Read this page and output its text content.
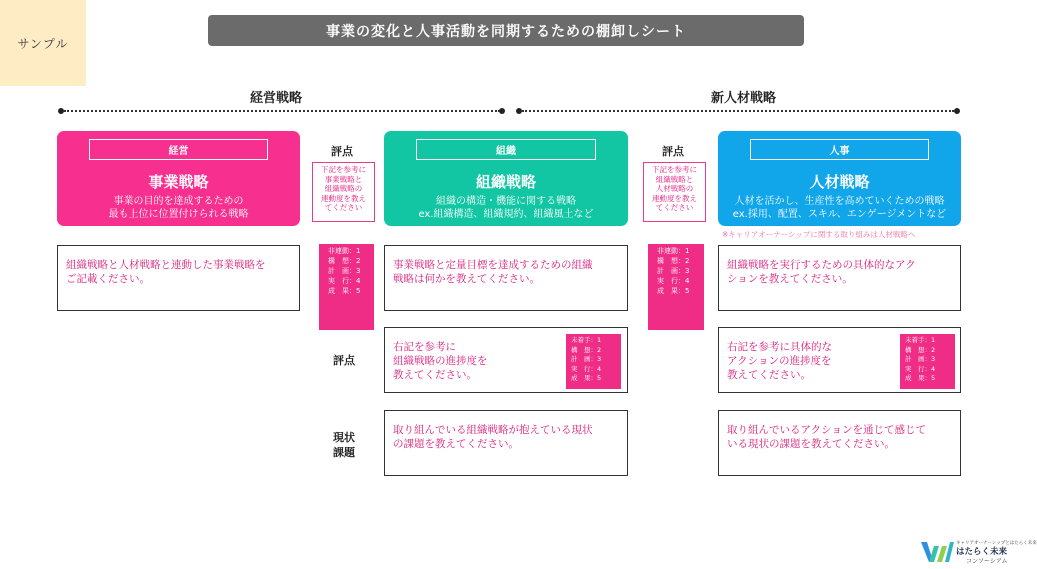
サンプル
事業の変化と人事活動を同期するための棚卸しシート
経営戦略	新人材戦略
経営
事業戦略
事業の目的を達成するための
最も上位に位置付けられる戦略
組織
組織戦略
組織の構造・機能に関する戦略
ex.組織構造、組織規約、組織風土など
人事
人材戦略
人材を活かし、生産性を高めていくための戦略
ex.採用、配置、スキル、エンゲージメントなど
※キャリアオーナーシップに関する取り組みは人材戦略へ
評点
下記を参考に
事業戦略と
組織戦略の
連動度を教え
てください
非連動：1
構　想：2
計　画：3
実　行：4
成　果：5
評点
下記を参考に
組織戦略と
人材戦略の
連動度を教え
てください
非連動：1
構　想：2
計　画：3
実　行：4
成　果：5
組織戦略と人材戦略と連動した事業戦略を
ご記載ください。
事業戦略と定量目標を達成するための組織
戦略は何かを教えてください。
組織戦略を実行するための具体的なアク
ションを教えてください。
評点
右記を参考に
組織戦略の進捗度を
教えてください。
未着手：1
構　想：2
計　画：3
実　行：4
成　果：5
右記を参考に具体的な
アクションの進捗度を
教えてください。
未着手：1
構　想：2
計　画：3
実　行：4
成　果：5
現状
課題
取り組んでいる組織戦略が抱えている現状
の課題を教えてください。
取り組んでいるアクションを通じて感じて
いる現状の課題を教えてください。
キャリアオーナーシップとはたらく未来
はたらく未来
コンソーシアム
